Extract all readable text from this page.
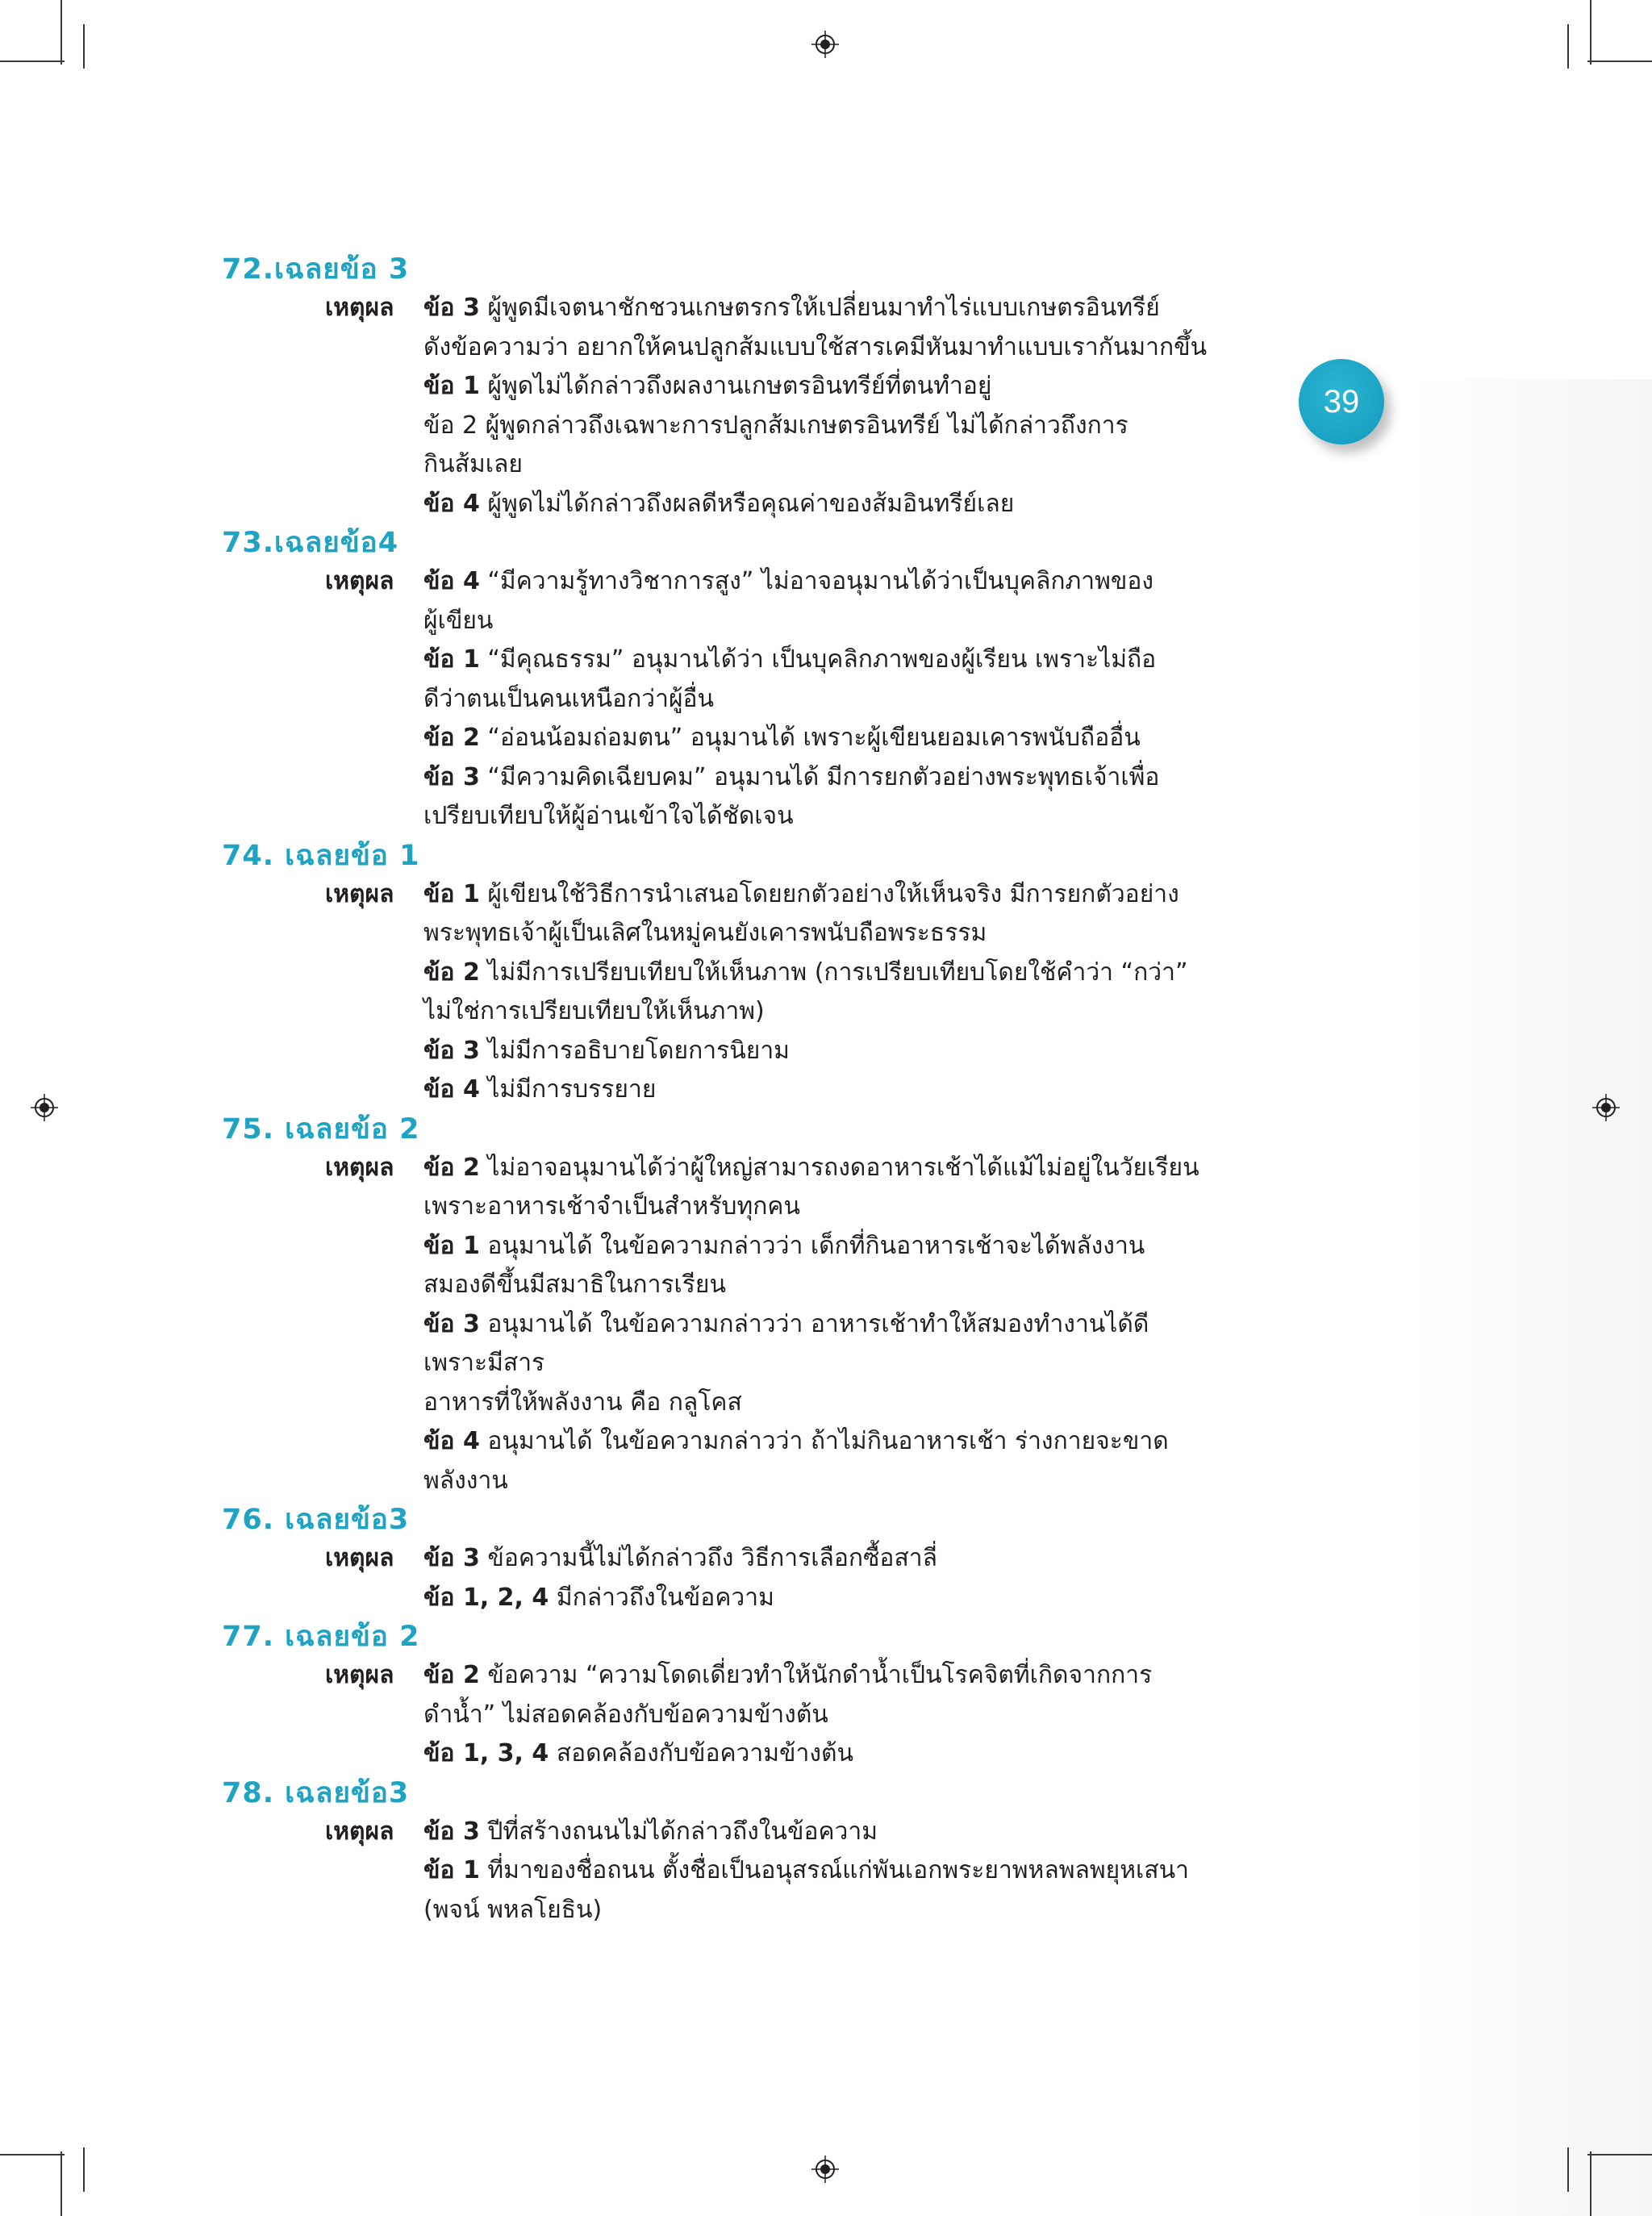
39
72.เฉลยข้อ 3
เหตุผล ข้อ 3 ผู้พูดมีเจตนาชักชวนเกษตรกรให้เปลี่ยนมาทำไร่แบบเกษตรอินทรีย์

ดังข้อความว่า อยากให้คนปลูกส้มแบบใช้สารเคมีหันมาทำแบบเรากันมากขึ้น

ข้อ 1 ผู้พูดไม่ได้กล่าวถึงผลงานเกษตรอินทรีย์ที่ตนทำอยู่

ข้อ 2 ผู้พูดกล่าวถึงเฉพาะการปลูกส้มเกษตรอินทรีย์ ไม่ได้กล่าวถึงการ

กินส้มเลย

ข้อ 4 ผู้พูดไม่ได้กล่าวถึงผลดีหรือคุณค่าของส้มอินทรีย์เลย

73.เฉลยข้อ4
เหตุผล ข้อ 4 “มีความรู้ทางวิชาการสูง” ไม่อาจอนุมานได้ว่าเป็นบุคลิกภาพของ

ผู้เขียน

ข้อ 1 “มีคุณธรรม” อนุมานได้ว่า เป็นบุคลิกภาพของผู้เรียน เพราะไม่ถือ

ดีว่าตนเป็นคนเหนือกว่าผู้อื่น

ข้อ 2 “อ่อนน้อมถ่อมตน” อนุมานได้ เพราะผู้เขียนยอมเคารพนับถืออื่น

ข้อ 3 “มีความคิดเฉียบคม” อนุมานได้ มีการยกตัวอย่างพระพุทธเจ้าเพื่อ

เปรียบเทียบให้ผู้อ่านเข้าใจได้ชัดเจน

74. เฉลยข้อ 1
เหตุผล ข้อ 1 ผู้เขียนใช้วิธีการนำเสนอโดยยกตัวอย่างให้เห็นจริง มีการยกตัวอย่าง

พระพุทธเจ้าผู้เป็นเลิศในหมู่คนยังเคารพนับถือพระธรรม

ข้อ 2 ไม่มีการเปรียบเทียบให้เห็นภาพ (การเปรียบเทียบโดยใช้คำว่า “กว่า”

ไม่ใช่การเปรียบเทียบให้เห็นภาพ)

ข้อ 3 ไม่มีการอธิบายโดยการนิยาม

ข้อ 4 ไม่มีการบรรยาย

75. เฉลยข้อ 2
เหตุผล ข้อ 2 ไม่อาจอนุมานได้ว่าผู้ใหญ่สามารถงดอาหารเช้าได้แม้ไม่อยู่ในวัยเรียน

เพราะอาหารเช้าจำเป็นสำหรับทุกคน

ข้อ 1 อนุมานได้ ในข้อความกล่าวว่า เด็กที่กินอาหารเช้าจะได้พลังงาน

สมองดีขึ้นมีสมาธิในการเรียน

ข้อ 3 อนุมานได้ ในข้อความกล่าวว่า อาหารเช้าทำให้สมองทำงานได้ดี

เพราะมีสาร

อาหารที่ให้พลังงาน คือ กลูโคส

ข้อ 4 อนุมานได้ ในข้อความกล่าวว่า ถ้าไม่กินอาหารเช้า ร่างกายจะขาด

พลังงาน

76. เฉลยข้อ3
เหตุผล ข้อ 3 ข้อความนี้ไม่ได้กล่าวถึง วิธีการเลือกซื้อสาลี่

ข้อ 1, 2, 4 มีกล่าวถึงในข้อความ

77. เฉลยข้อ 2
เหตุผล ข้อ 2 ข้อความ “ความโดดเดี่ยวทำให้นักดำน้ำเป็นโรคจิตที่เกิดจากการ

ดำน้ำ” ไม่สอดคล้องกับข้อความข้างต้น

ข้อ 1, 3, 4 สอดคล้องกับข้อความข้างต้น

78. เฉลยข้อ3
เหตุผล ข้อ 3 ปีที่สร้างถนนไม่ได้กล่าวถึงในข้อความ

ข้อ 1 ที่มาของชื่อถนน ตั้งชื่อเป็นอนุสรณ์แก่พันเอกพระยาพหลพลพยุหเสนา

(พจน์ พหลโยธิน)
